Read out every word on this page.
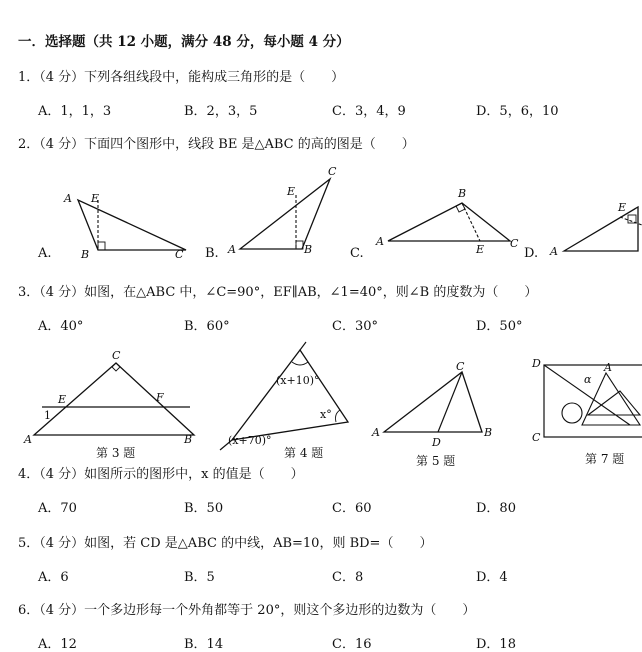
一．选择题（共 12 小题，满分 48 分，每小题 4 分）
1．（4 分）下列各组线段中，能构成三角形的是（　　）
A．1，1，3	B．2，3，5	C．3，4，9	D．5，6，10
2．（4 分）下面四个图形中，线段 BE 是△ABC 的高的图是（　　）
A E
B	C
A.	A
E
B
C
B.
A
B
E C
C.	A
E
D.
3．（4 分）如图，在△ABC 中，∠C=90°，EF∥AB，∠1=40°，则∠B 的度数为（　　）
A．40°	B．60°	C．30°	D．50°
C
E	F
1
A	B
第 3 题
(x+10)°
x°
(x+70)°
第 4 题
C
A
D
B
第 5 题
D
α
A
C
第 7 题
4．（4 分）如图所示的图形中，x 的值是（　　）
A．70	B．50	C．60	D．80
5．（4 分）如图，若 CD 是△ABC 的中线，AB=10，则 BD=（　　）
A．6	B．5	C．8	D．4
6．（4 分）一个多边形每一个外角都等于 20°，则这个多边形的边数为（　　）
A．12	B．14	C．16	D．18
